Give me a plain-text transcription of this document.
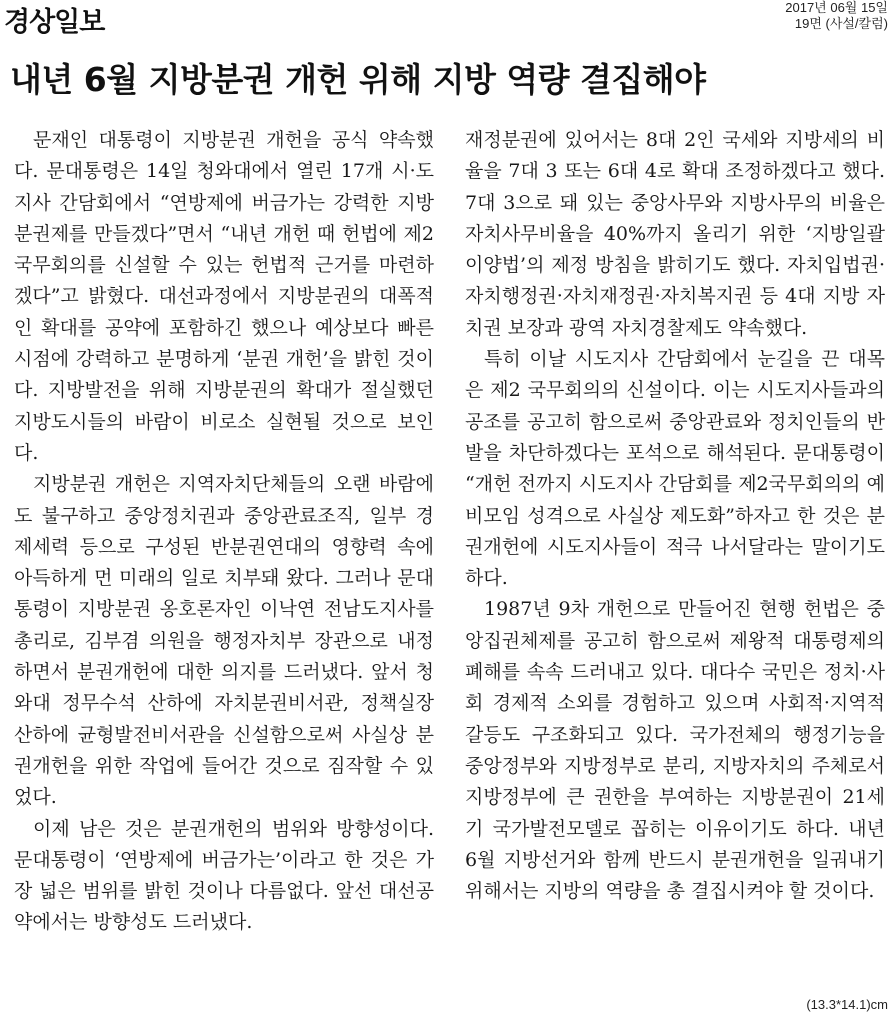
경상일보	2017년 06월 15일
19면 (사설/칼럼)
내년 6월 지방분권 개헌 위해 지방 역량 결집해야

문재인 대통령이 지방분권 개헌을 공식 약속했다. 문대통령은 14일 청와대에서 열린 17개 시·도지사 간담회에서 “연방제에 버금가는 강력한 지방분권제를 만들겠다”면서 “내년 개헌 때 헌법에 제2국무회의를 신설할 수 있는 헌법적 근거를 마련하겠다”고 밝혔다. 대선과정에서 지방분권의 대폭적인 확대를 공약에 포함하긴 했으나 예상보다 빠른 시점에 강력하고 분명하게 ‘분권 개헌’을 밝힌 것이다. 지방발전을 위해 지방분권의 확대가 절실했던 지방도시들의 바람이 비로소 실현될 것으로 보인다.

지방분권 개헌은 지역자치단체들의 오랜 바람에도 불구하고 중앙정치권과 중앙관료조직, 일부 경제세력 등으로 구성된 반분권연대의 영향력 속에 아득하게 먼 미래의 일로 치부돼 왔다. 그러나 문대통령이 지방분권 옹호론자인 이낙연 전남도지사를 총리로, 김부겸 의원을 행정자치부 장관으로 내정하면서 분권개헌에 대한 의지를 드러냈다. 앞서 청와대 정무수석 산하에 자치분권비서관, 정책실장 산하에 균형발전비서관을 신설함으로써 사실상 분권개헌을 위한 작업에 들어간 것으로 짐작할 수 있었다.

이제 남은 것은 분권개헌의 범위와 방향성이다. 문대통령이 ‘연방제에 버금가는’이라고 한 것은 가장 넓은 범위를 밝힌 것이나 다름없다. 앞선 대선공약에서는 방향성도 드러냈다.

재정분권에 있어서는 8대 2인 국세와 지방세의 비율을 7대 3 또는 6대 4로 확대 조정하겠다고 했다. 7대 3으로 돼 있는 중앙사무와 지방사무의 비율은 자치사무비율을 40%까지 올리기 위한 ‘지방일괄이양법’의 제정 방침을 밝히기도 했다. 자치입법권·자치행정권·자치재정권·자치복지권 등 4대 지방 자치권 보장과 광역 자치경찰제도 약속했다.

특히 이날 시도지사 간담회에서 눈길을 끈 대목은 제2 국무회의의 신설이다. 이는 시도지사들과의 공조를 공고히 함으로써 중앙관료와 정치인들의 반발을 차단하겠다는 포석으로 해석된다. 문대통령이 “개헌 전까지 시도지사 간담회를 제2국무회의의 예비모임 성격으로 사실상 제도화”하자고 한 것은 분권개헌에 시도지사들이 적극 나서달라는 말이기도 하다.

1987년 9차 개헌으로 만들어진 현행 헌법은 중앙집권체제를 공고히 함으로써 제왕적 대통령제의 폐해를 속속 드러내고 있다. 대다수 국민은 정치·사회 경제적 소외를 경험하고 있으며 사회적·지역적 갈등도 구조화되고 있다. 국가전체의 행정기능을 중앙정부와 지방정부로 분리, 지방자치의 주체로서 지방정부에 큰 권한을 부여하는 지방분권이 21세기 국가발전모델로 꼽히는 이유이기도 하다. 내년 6월 지방선거와 함께 반드시 분권개헌을 일궈내기 위해서는 지방의 역량을 총 결집시켜야 할 것이다.

(13.3*14.1)cm
